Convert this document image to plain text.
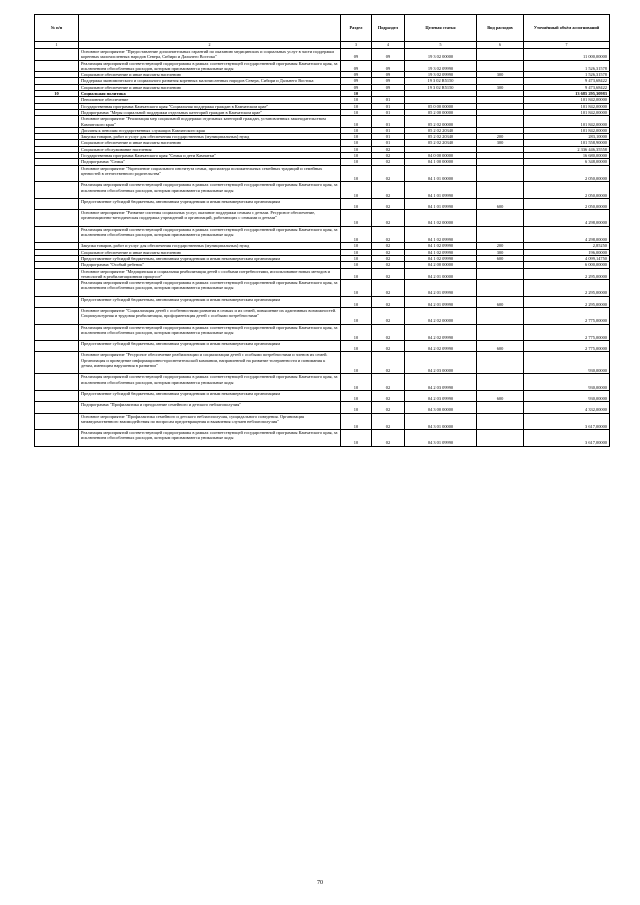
№ п/п		Раздел	Подраздел	Целевая статья	Вид расходов	Уточнённый объём ассигнований
1	2	3	4	5	6	7
	Основное мероприятие "Предоставление дополнительных гарантий по оказанию медицинских и социальных услуг в части поддержки коренных малочисленных народов Севера, Сибири и Дальнего Востока"	09	09	19 3 02 00000		11 000,00000
	Реализация мероприятий соответствующей подпрограммы в рамках соответствующей государственной программы Камчатского края, за исключением обособленных расходов, которым присваиваются уникальные коды	09	09	19 3 02 09990		1 526,31578
	Социальное обеспечение и иные выплаты населению	09	09	19 3 02 09990	300	1 526,31578
	Поддержка экономического и социального развития коренных малочисленных народов Севера, Сибири и Дальнего Востока	09	09	19 3 02 R5150		9 473,68422
	Социальное обеспечение и иные выплаты населению	09	09	19 3 02 R5150	300	9 473,68422
10	Социальная политика	10				13 685 295,30983
	Пенсионное обеспечение	10	01			101 842,00000
	Государственная программа Камчатского края "Социальная поддержка граждан в Камчатском крае"	10	01	05 0 00 00000		101 842,00000
	Подпрограмма "Меры социальной поддержки отдельных категорий граждан в Камчатском крае"	10	01	05 2 00 00000		101 842,00000
	Основное мероприятие "Реализация мер социальной поддержки отдельных категорий граждан, установленных законодательством Камчатского края"	10	01	05 2 02 00000		101 842,00000
	Доплаты к пенсиям государственных служащих Камчатского края	10	01	05 2 02 20340		101 842,00000
	Закупка товаров, работ и услуг для обеспечения государственных (муниципальных) нужд	10	01	05 2 02 20340	200	283,10000
	Социальное обеспечение и иные выплаты населению	10	01	05 2 02 20340	300	101 558,90000
	Социальное обслуживание населения	10	02			2 336 446,35558
	Государственная программа Камчатского края "Семья и дети Камчатки"	10	02	04 0 00 00000		16 680,00000
	Подпрограмма "Семья"	10	02	04 1 00 00000		6 348,00000
	Основное мероприятие "Укрепление социального института семьи, пропаганда положительных семейных традиций и семейных ценностей в отечественного родительства"	10	02	04 1 01 00000		2 050,00000
	Реализация мероприятий соответствующей подпрограммы в рамках соответствующей государственной программы Камчатского края, за исключением обособленных расходов, которым присваиваются уникальные коды	10	02	04 1 01 09990		2 050,00000
	Предоставление субсидий бюджетным, автономным учреждениям и иным некоммерческим организациям	10	02	04 1 01 09990	600	2 050,00000
	Основное мероприятие "Развитие системы социальных услуг, оказание поддержки семьям с детьми. Ресурсное обеспечение, организационно-методическая поддержка учреждений и организаций, работающих с семьями и детьми"	10	02	04 1 02 00000		4 298,00000
	Реализация мероприятий соответствующей подпрограммы в рамках соответствующей государственной программы Камчатского края, за исключением обособленных расходов, которым присваиваются уникальные коды	10	02	04 1 02 09990		4 298,00000
	Закупка товаров, работ и услуг для обеспечения государственных (муниципальных) нужд	10	02	04 1 02 09990	200	2,85250
	Социальное обеспечение и иные выплаты населению	10	02	04 1 02 09990	300	196,00000
	Предоставление субсидий бюджетным, автономным учреждениям и иным некоммерческим организациям	10	02	04 1 02 09990	600	4 099,14750
	Подпрограмма "Особый ребенок"	10	02	04 2 00 00000		6 000,00000
	Основное мероприятие "Медицинская и социальная реабилитация детей с особыми потребностями, использование новых методов и технологий в реабилитационном процессе"	10	02	04 2 01 00000		2 295,00000
	Реализация мероприятий соответствующей подпрограммы в рамках соответствующей государственной программы Камчатского края, за исключением обособленных расходов, которым присваиваются уникальные коды	10	02	04 2 01 09990		2 295,00000
	Предоставление субсидий бюджетным, автономным учреждениям и иным некоммерческим организациям	10	02	04 2 01 09990	600	2 295,00000
	Основное мероприятие "Социализация детей с особенностями развития в семьях и их семей, повышение их адаптивных возможностей. Социокультурная и трудовая реабилитация, профориентация детей с особыми потребностями"	10	02	04 2 02 00000		2 775,00000
	Реализация мероприятий соответствующей подпрограммы в рамках соответствующей государственной программы Камчатского края, за исключением обособленных расходов, которым присваиваются уникальные коды	10	02	04 2 02 09990		2 775,00000
	Предоставление субсидий бюджетным, автономным учреждениям и иным некоммерческим организациям	10	02	04 2 02 09990	600	2 775,00000
	Основное мероприятие "Ресурсное обеспечение реабилитации и социализации детей с особыми потребностями и членов их семей. Организация и проведение информационно-просветительской кампании, направленной на развитие толерантности и понимания к детям, имеющим нарушения в развитии"	10	02	04 2 03 00000		930,00000
	Реализация мероприятий соответствующей подпрограммы в рамках соответствующей государственной программы Камчатского края, за исключением обособленных расходов, которым присваиваются уникальные коды	10	02	04 2 03 09990		930,00000
	Предоставление субсидий бюджетным, автономным учреждениям и иным некоммерческим организациям	10	02	04 2 03 09990	600	930,00000
	Подпрограмма "Профилактика и преодоление семейного и детского неблагополучия"	10	02	04 3 00 00000		4 332,00000
	Основное мероприятие "Профилактика семейного и детского неблагополучия, суицидального поведения. Организация межведомственного взаимодействия по вопросам предотвращения и выявления случаев неблагополучия"	10	02	04 3 01 00000		3 617,00000
	Реализация мероприятий соответствующей подпрограммы в рамках соответствующей государственной программы Камчатского края, за исключением обособленных расходов, которым присваиваются уникальные коды	10	02	04 3 01 09990		3 617,00000
70
